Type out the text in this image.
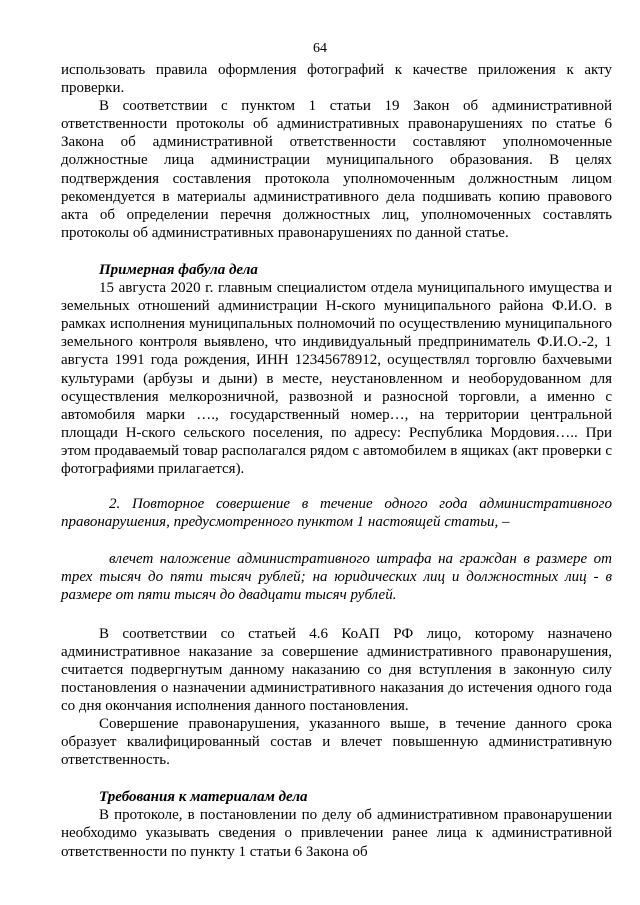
64

использовать правила оформления фотографий к качестве приложения к акту проверки.

В соответствии с пунктом 1 статьи 19 Закон об административной ответственности протоколы об административных правонарушениях по статье 6 Закона об административной ответственности составляют уполномоченные должностные лица администрации муниципального образования. В целях подтверждения составления протокола уполномоченным должностным лицом рекомендуется в материалы административного дела подшивать копию правового акта об определении перечня должностных лиц, уполномоченных составлять протоколы об административных правонарушениях по данной статье.

Примерная фабула дела

15 августа 2020 г. главным специалистом отдела муниципального имущества и земельных отношений администрации Н-ского муниципального района Ф.И.О. в рамках исполнения муниципальных полномочий по осуществлению муниципального земельного контроля выявлено, что индивидуальный предприниматель Ф.И.О.-2, 1 августа 1991 года рождения, ИНН 12345678912, осуществлял торговлю бахчевыми культурами (арбузы и дыни) в месте, неустановленном и необорудованном для осуществления мелкорозничной, развозной и разносной торговли, а именно с автомобиля марки …., государственный номер…, на территории центральной площади Н-ского сельского поселения, по адресу: Республика Мордовия….. При этом продаваемый товар располагался рядом с автомобилем в ящиках (акт проверки с фотографиями прилагается).

2. Повторное совершение в течение одного года административного правонарушения, предусмотренного пунктом 1 настоящей статьи, –

влечет наложение административного штрафа на граждан в размере от трех тысяч до пяти тысяч рублей; на юридических лиц и должностных лиц - в размере от пяти тысяч до двадцати тысяч рублей.

В соответствии со статьей 4.6 КоАП РФ лицо, которому назначено административное наказание за совершение административного правонарушения, считается подвергнутым данному наказанию со дня вступления в законную силу постановления о назначении административного наказания до истечения одного года со дня окончания исполнения данного постановления.

Совершение правонарушения, указанного выше, в течение данного срока образует квалифицированный состав и влечет повышенную административную ответственность.

Требования к материалам дела

В протоколе, в постановлении по делу об административном правонарушении необходимо указывать сведения о привлечении ранее лица к административной ответственности по пункту 1 статьи 6 Закона об
